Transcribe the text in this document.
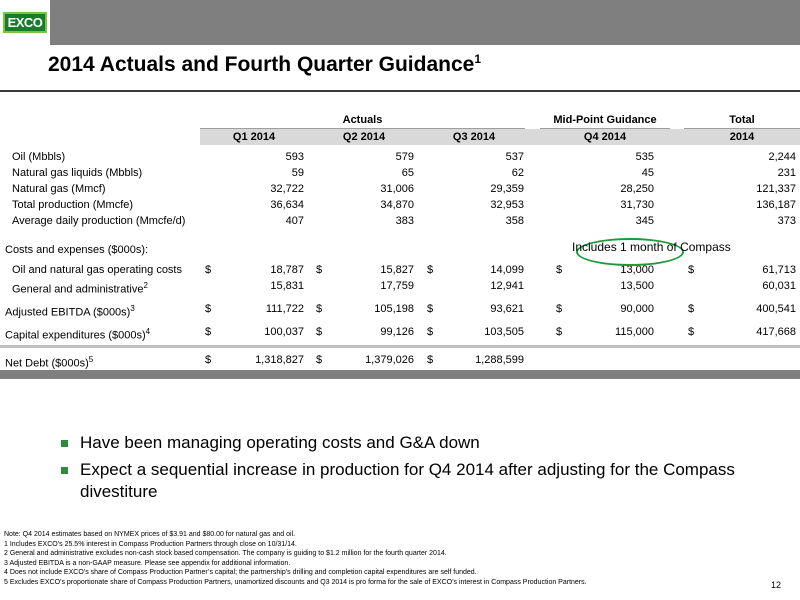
EXCO
2014 Actuals and Fourth Quarter Guidance$^1$
Actuals	Mid-Point Guidance	Total
Q1 2014	Q2 2014	Q3 2014	Q4 2014	2014
Oil (Mbbls)	593	579	537	535	2,244
Natural gas liquids (Mbbls)	59	65	62	45	231
Natural gas (Mmcf)	32,722	31,006	29,359	28,250	121,337
Total production (Mmcfe)	36,634	34,870	32,953	31,730	136,187
Average daily production (Mmcfe/d)	407	383	358	345	373
Costs and expenses ($000s):
Oil and natural gas operating costs $	18,787 $	15,827 $	14,099	$	13,000	$	61,713
General and administrative$^2$	15,831	17,759	12,941	13,500	60,031
Adjusted EBITDA ($000s)$^3$	$	111,722 $	105,198 $	93,621	$	90,000	$	400,541
Capital expenditures ($000s)$^4$	$	100,037 $	99,126 $	103,505	$	115,000	$	417,668
Net Debt ($000s)$^5$	$	1,318,827 $	1,379,026 $	1,288,599
Includes 1 month of Compass
Have been managing operating costs and G&A down
Expect a sequential increase in production for Q4 2014 after adjusting for the Compass divestiture
Note: Q4 2014 estimates based on NYMEX prices of $3.91 and $80.00 for natural gas and oil.
1 Includes EXCO’s 25.5% interest in Compass Production Partners through close on 10/31/14.
2 General and administrative excludes non-cash stock based compensation. The company is guiding to $1.2 million for the fourth quarter 2014.
3 Adjusted EBITDA is a non-GAAP measure. Please see appendix for additional information.
4 Does not include EXCO’s share of Compass Production Partner’s capital; the partnership’s drilling and completion capital expenditures are self funded.
5 Excludes EXCO’s proportionate share of Compass Production Partners, unamortized discounts and Q3 2014 is pro forma for the sale of EXCO’s interest in Compass Production Partners.	12
